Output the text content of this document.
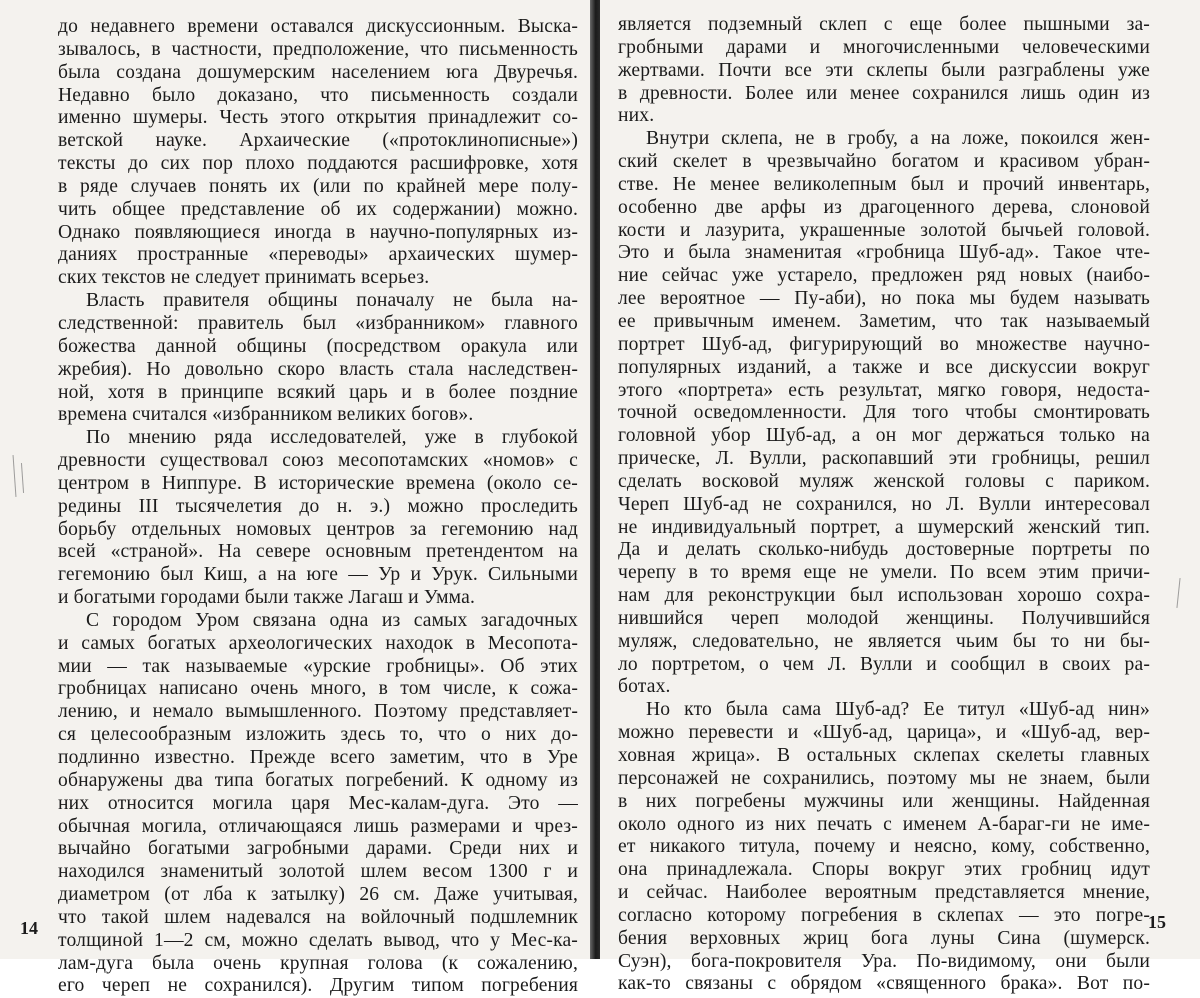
до недавнего времени оставался дискуссионным. Выска-
зывалось, в частности, предположение, что письменность
была создана дошумерским населением юга Двуречья.
Недавно было доказано, что письменность создали
именно шумеры. Честь этого открытия принадлежит со-
ветской науке. Архаические («протоклинописные»)
тексты до сих пор плохо поддаются расшифровке, хотя
в ряде случаев понять их (или по крайней мере полу-
чить общее представление об их содержании) можно.
Однако появляющиеся иногда в научно-популярных из-
даниях пространные «переводы» архаических шумер-
ских текстов не следует принимать всерьез.
Власть правителя общины поначалу не была на-
следственной: правитель был «избранником» главного
божества данной общины (посредством оракула или
жребия). Но довольно скоро власть стала наследствен-
ной, хотя в принципе всякий царь и в более поздние
времена считался «избранником великих богов».
По мнению ряда исследователей, уже в глубокой
древности существовал союз месопотамских «номов» с
центром в Ниппуре. В исторические времена (около се-
редины III тысячелетия до н. э.) можно проследить
борьбу отдельных номовых центров за гегемонию над
всей «страной». На севере основным претендентом на
гегемонию был Киш, а на юге — Ур и Урук. Сильными
и богатыми городами были также Лагаш и Умма.
С городом Уром связана одна из самых загадочных
и самых богатых археологических находок в Месопота-
мии — так называемые «урские гробницы». Об этих
гробницах написано очень много, в том числе, к сожа-
лению, и немало вымышленного. Поэтому представляет-
ся целесообразным изложить здесь то, что о них до-
подлинно известно. Прежде всего заметим, что в Уре
обнаружены два типа богатых погребений. К одному из
них относится могила царя Мес-калам-дуга. Это —
обычная могила, отличающаяся лишь размерами и чрез-
вычайно богатыми загробными дарами. Среди них и
находился знаменитый золотой шлем весом 1300 г и
диаметром (от лба к затылку) 26 см. Даже учитывая,
что такой шлем надевался на войлочный подшлемник
толщиной 1—2 см, можно сделать вывод, что у Мес-ка-
лам-дуга была очень крупная голова (к сожалению,
его череп не сохранился). Другим типом погребения
14
является подземный склеп с еще более пышными за-
гробными дарами и многочисленными человеческими
жертвами. Почти все эти склепы были разграблены уже
в древности. Более или менее сохранился лишь один из
них.
Внутри склепа, не в гробу, а на ложе, покоился жен-
ский скелет в чрезвычайно богатом и красивом убран-
стве. Не менее великолепным был и прочий инвентарь,
особенно две арфы из драгоценного дерева, слоновой
кости и лазурита, украшенные золотой бычьей головой.
Это и была знаменитая «гробница Шуб-ад». Такое чте-
ние сейчас уже устарело, предложен ряд новых (наибо-
лее вероятное — Пу-аби), но пока мы будем называть
ее привычным именем. Заметим, что так называемый
портрет Шуб-ад, фигурирующий во множестве научно-
популярных изданий, а также и все дискуссии вокруг
этого «портрета» есть результат, мягко говоря, недоста-
точной осведомленности. Для того чтобы смонтировать
головной убор Шуб-ад, а он мог держаться только на
прическе, Л. Вулли, раскопавший эти гробницы, решил
сделать восковой муляж женской головы с париком.
Череп Шуб-ад не сохранился, но Л. Вулли интересовал
не индивидуальный портрет, а шумерский женский тип.
Да и делать сколько-нибудь достоверные портреты по
черепу в то время еще не умели. По всем этим причи-
нам для реконструкции был использован хорошо сохра-
нившийся череп молодой женщины. Получившийся
муляж, следовательно, не является чьим бы то ни бы-
ло портретом, о чем Л. Вулли и сообщил в своих ра-
ботах.
Но кто была сама Шуб-ад? Ее титул «Шуб-ад нин»
можно перевести и «Шуб-ад, царица», и «Шуб-ад, вер-
ховная жрица». В остальных склепах скелеты главных
персонажей не сохранились, поэтому мы не знаем, были
в них погребены мужчины или женщины. Найденная
около одного из них печать с именем А-бараг-ги не име-
ет никакого титула, почему и неясно, кому, собственно,
она принадлежала. Споры вокруг этих гробниц идут
и сейчас. Наиболее вероятным представляется мнение,
согласно которому погребения в склепах — это погре-
бения верховных жриц бога луны Сина (шумерск.
Суэн), бога-покровителя Ура. По-видимому, они были
как-то связаны с обрядом «священного брака». Вот по-
15
